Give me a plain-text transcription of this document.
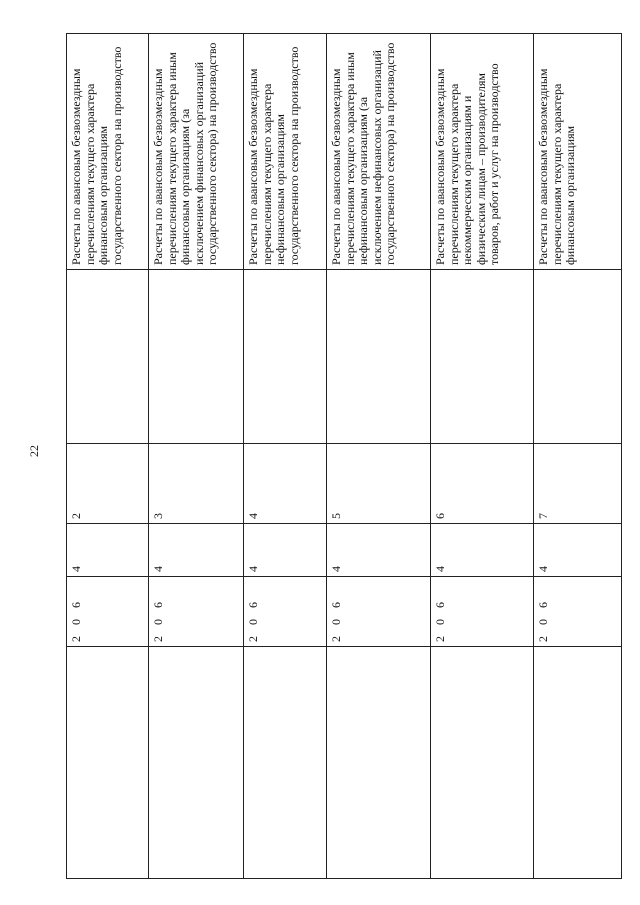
22
	2 0 6	4	2		Расчеты по авансовым безвозмездным перечислениям текущего характера финансовым организациям государственного сектора на производство
	2 0 6	4	3		Расчеты по авансовым безвозмездным перечислениям текущего характера иным финансовым организациям (за исключением финансовых организаций государственного сектора) на производство
	2 0 6	4	4		Расчеты по авансовым безвозмездным перечислениям текущего характера нефинансовым организациям государственного сектора на производство
	2 0 6	4	5		Расчеты по авансовым безвозмездным перечислениям текущего характера иным нефинансовым организациям (за исключением нефинансовых организаций государственного сектора) на производство
	2 0 6	4	6		Расчеты по авансовым безвозмездным перечислениям текущего характера некоммерческим организациям и физическим лицам – производителям товаров, работ и услуг на производство
	2 0 6	4	7		Расчеты по авансовым безвозмездным перечислениям текущего характера финансовым организациям
